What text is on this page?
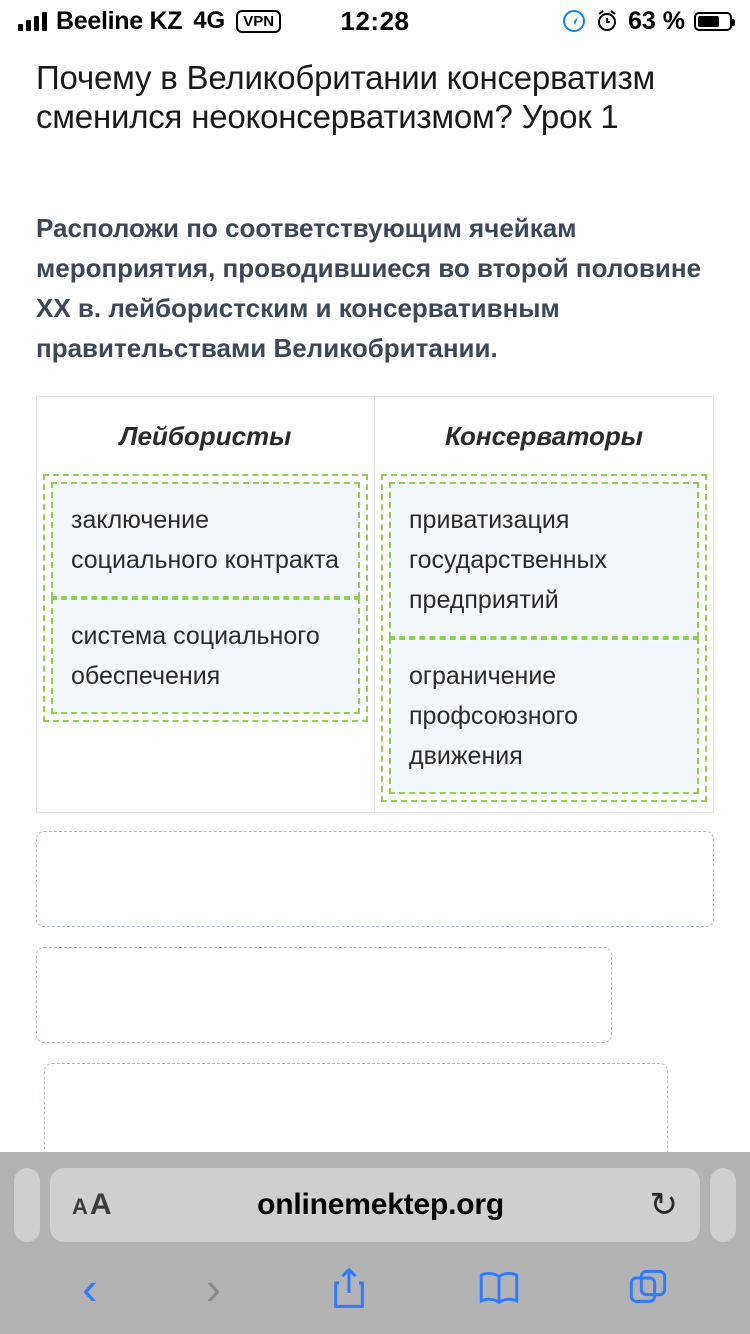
Beeline KZ 4G	VPN	12:28	63 %
Почему в Великобритании консерватизм сменился неоконсерватизмом? Урок 1

Расположи по соответствующим ячейкам мероприятия, проводившиеся во второй половине XX в. лейбористским и консервативным правительствами Великобритании.

Лейбористы
заключение социального контракта
система социального обеспечения
Консерваторы
приватизация государственных предприятий
ограничение профсоюзного движения
A A	onlinemektep.org	↻
‹ ›
